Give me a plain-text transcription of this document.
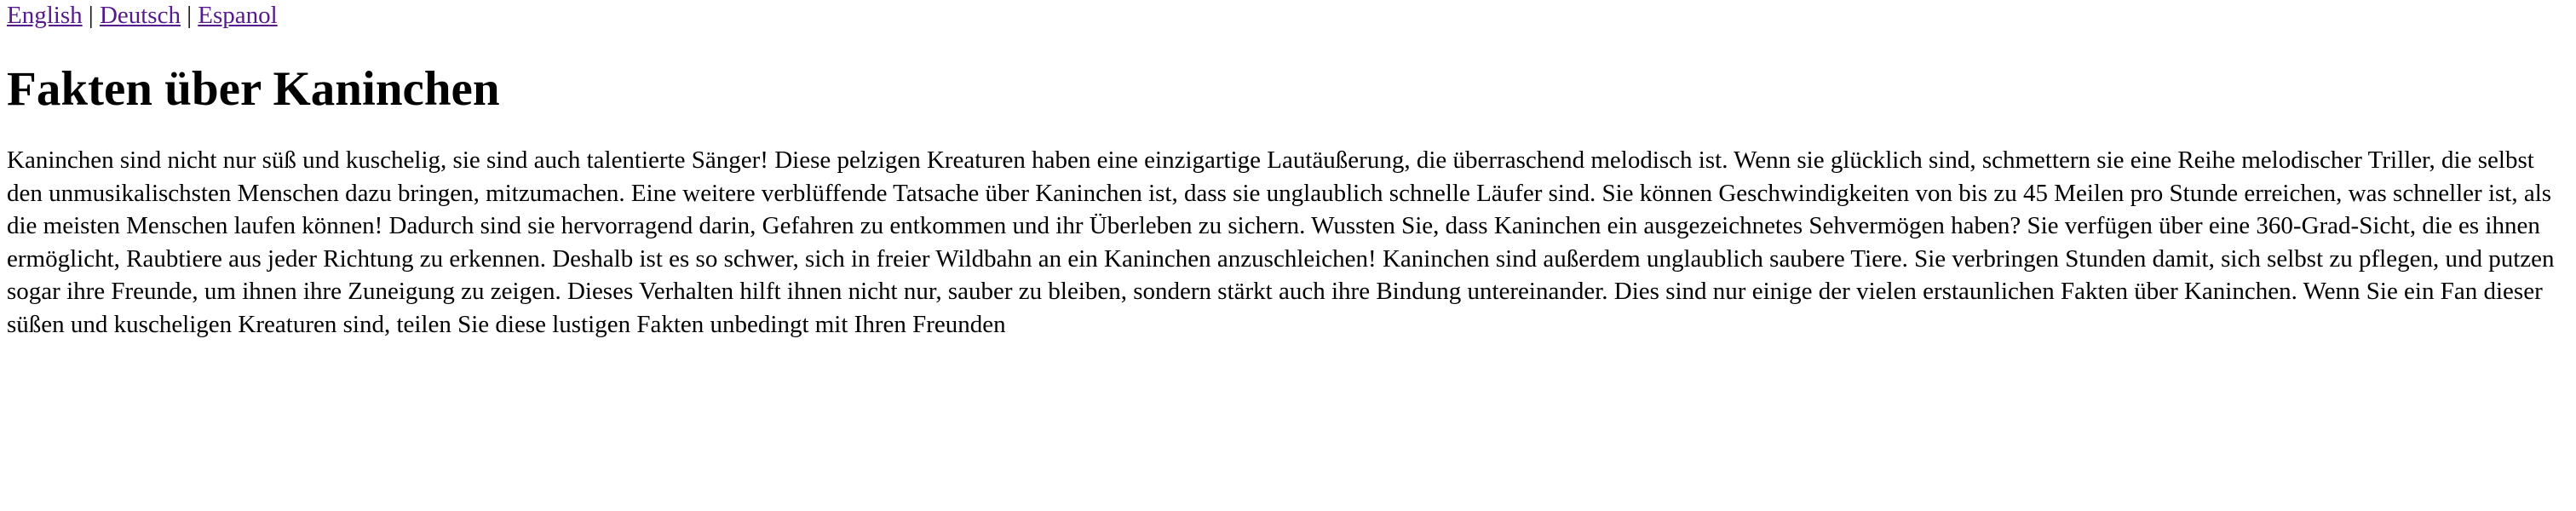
English | Deutsch | Espanol
Fakten über Kaninchen

Kaninchen sind nicht nur süß und kuschelig, sie sind auch talentierte Sänger! Diese pelzigen Kreaturen haben eine einzigartige Lautäußerung, die überraschend melodisch ist. Wenn sie glücklich sind, schmettern sie eine Reihe melodischer Triller, die selbst den unmusikalischsten Menschen dazu bringen, mitzumachen. Eine weitere verblüffende Tatsache über Kaninchen ist, dass sie unglaublich schnelle Läufer sind. Sie können Geschwindigkeiten von bis zu 45 Meilen pro Stunde erreichen, was schneller ist, als die meisten Menschen laufen können! Dadurch sind sie hervorragend darin, Gefahren zu entkommen und ihr Überleben zu sichern. Wussten Sie, dass Kaninchen ein ausgezeichnetes Sehvermögen haben? Sie verfügen über eine 360-Grad-Sicht, die es ihnen ermöglicht, Raubtiere aus jeder Richtung zu erkennen. Deshalb ist es so schwer, sich in freier Wildbahn an ein Kaninchen anzuschleichen! Kaninchen sind außerdem unglaublich saubere Tiere. Sie verbringen Stunden damit, sich selbst zu pflegen, und putzen sogar ihre Freunde, um ihnen ihre Zuneigung zu zeigen. Dieses Verhalten hilft ihnen nicht nur, sauber zu bleiben, sondern stärkt auch ihre Bindung untereinander. Dies sind nur einige der vielen erstaunlichen Fakten über Kaninchen. Wenn Sie ein Fan dieser süßen und kuscheligen Kreaturen sind, teilen Sie diese lustigen Fakten unbedingt mit Ihren Freunden
